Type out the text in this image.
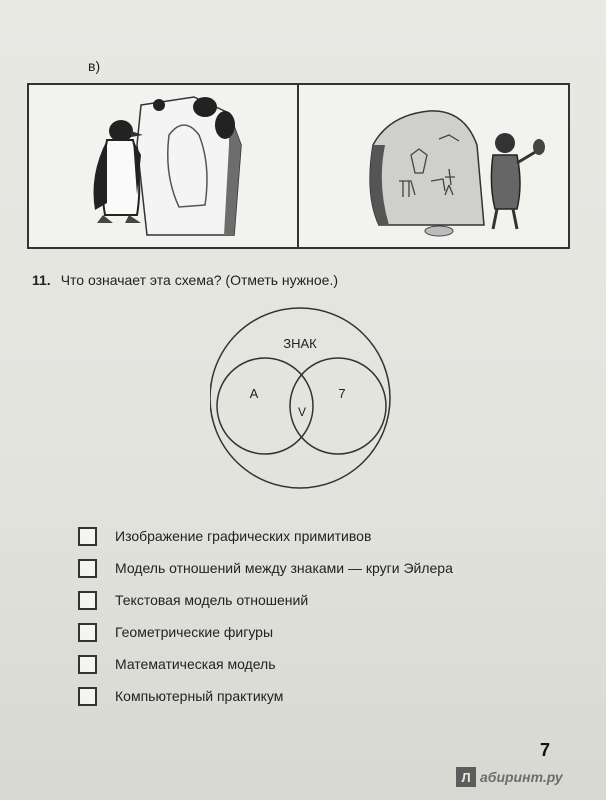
в)
11. Что означает эта схема? (Отметь нужное.)
ЗНАК
А	7
V
Изображение графических примитивов
Модель отношений между знаками — круги Эйлера
Текстовая модель отношений
Геометрические фигуры
Математическая модель
Компьютерный практикум
7
Л абиринт.ру
